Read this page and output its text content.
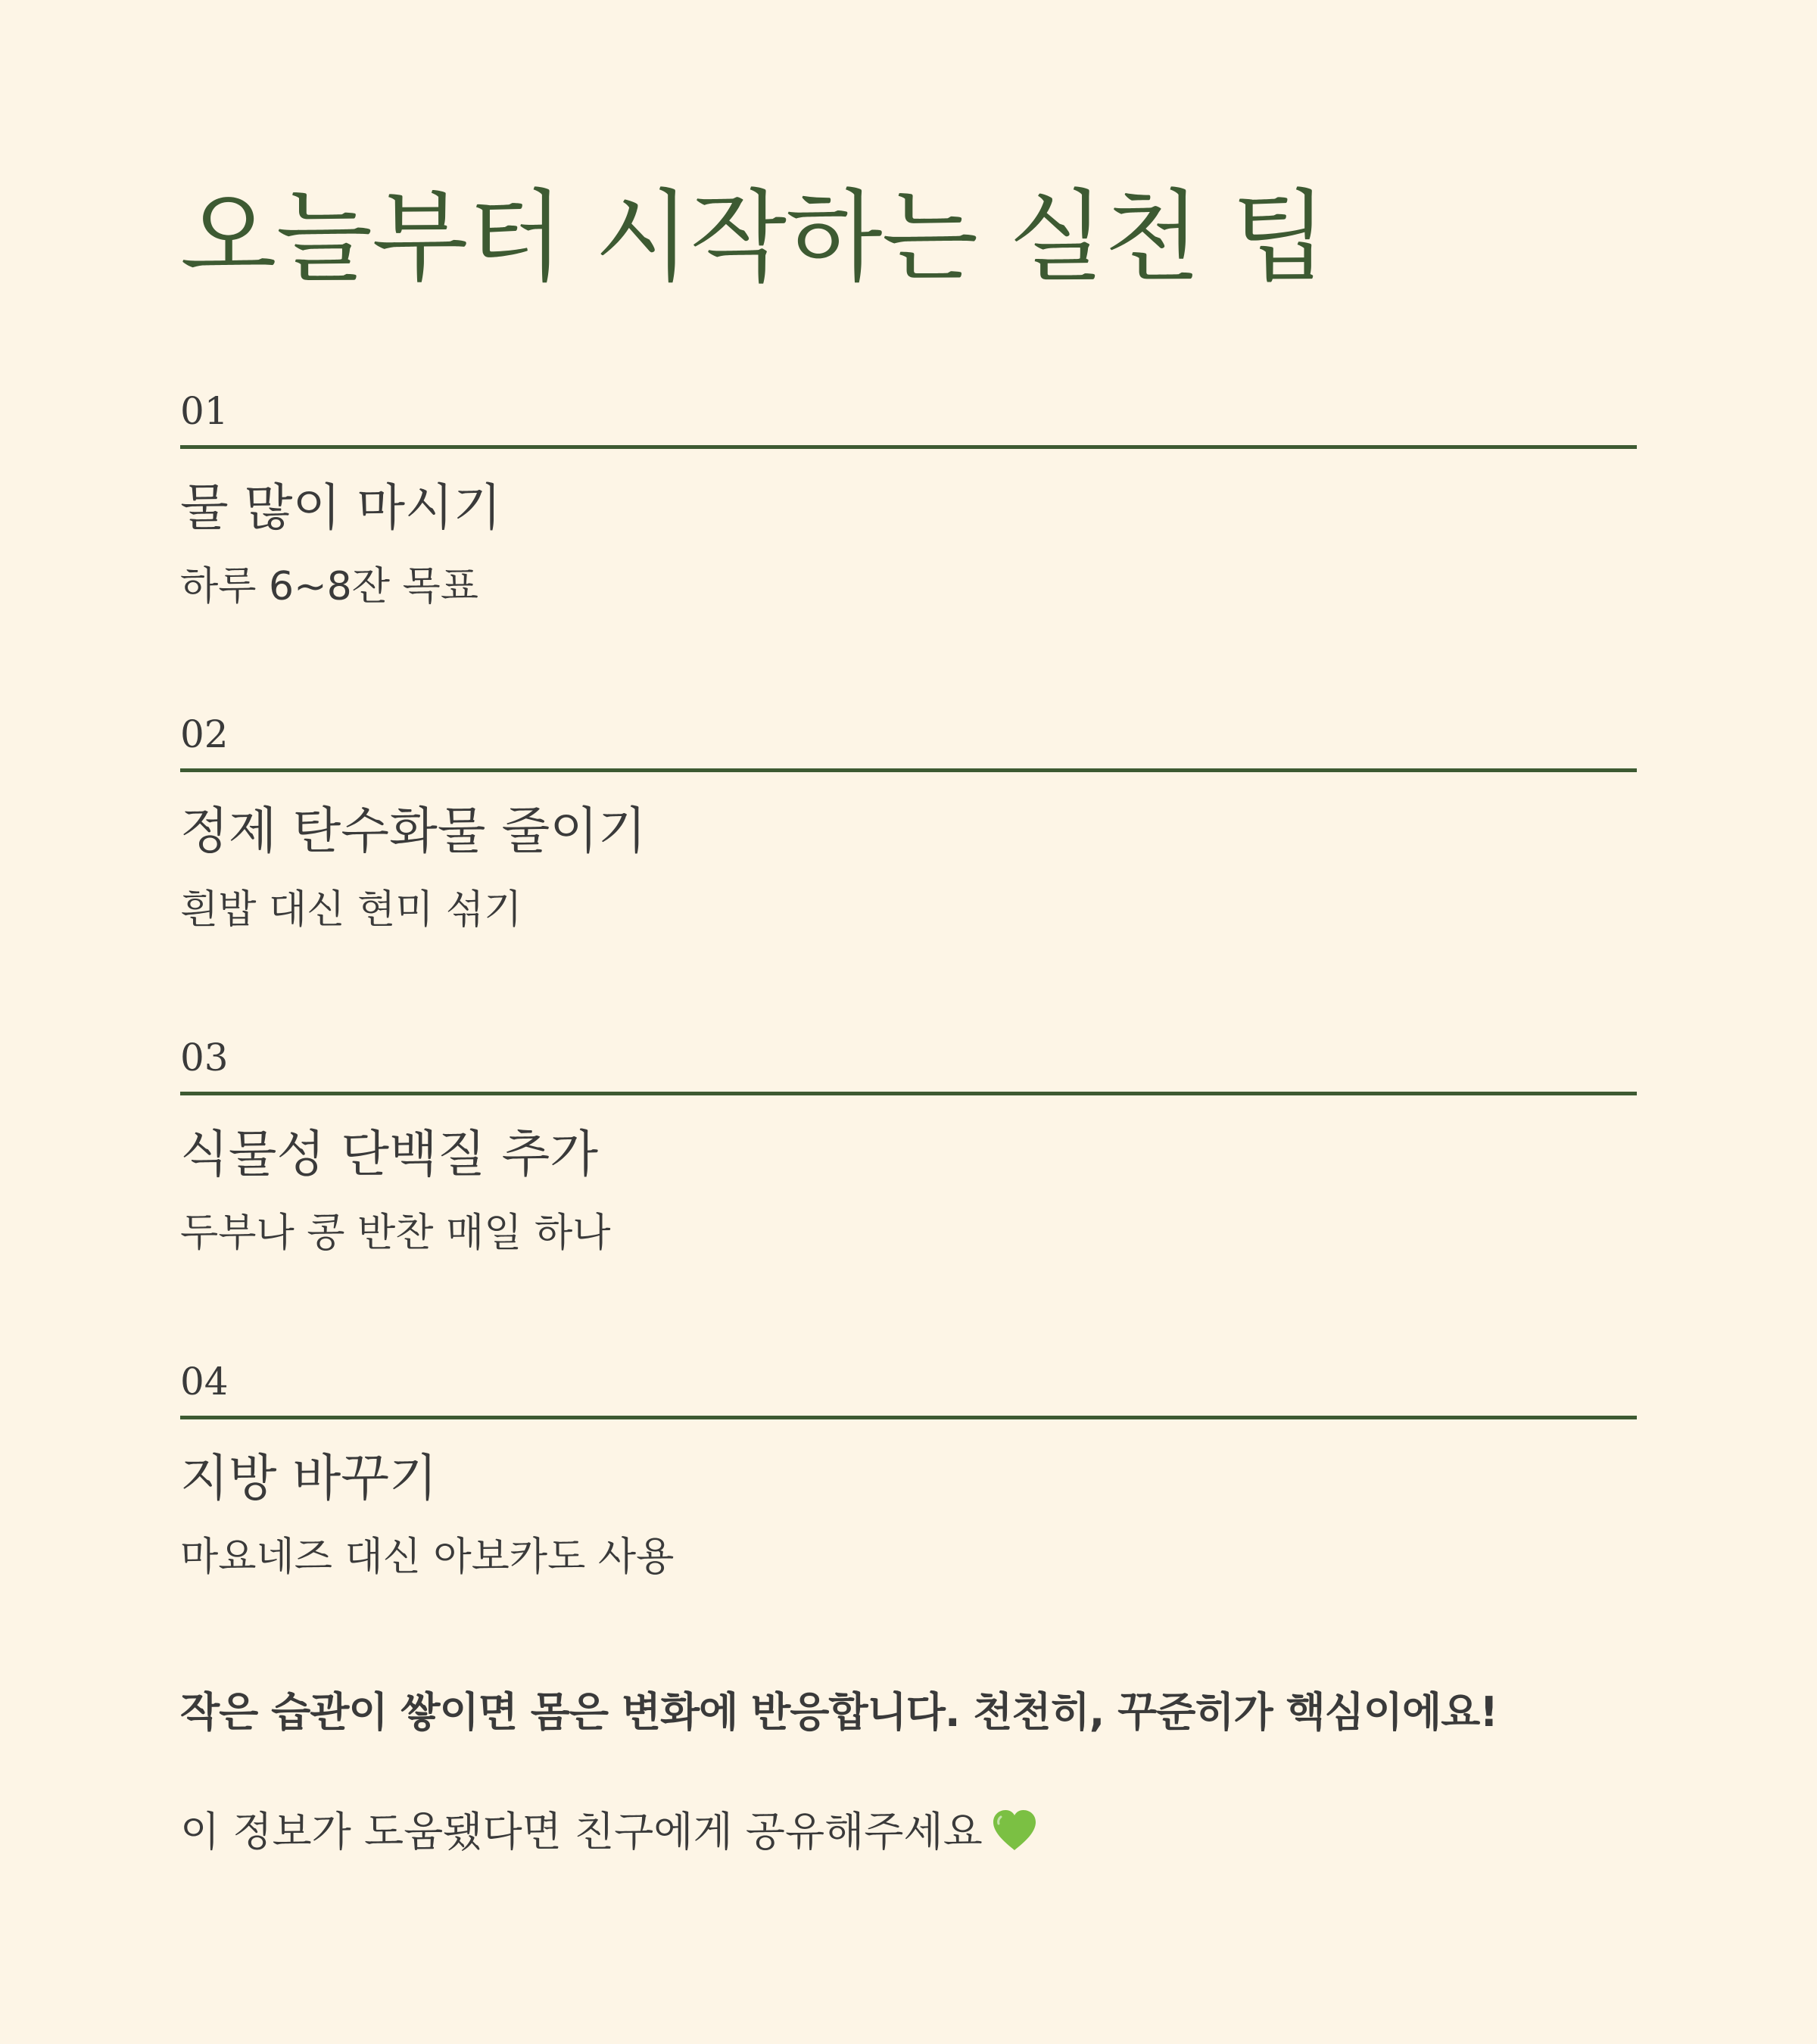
오늘부터 시작하는 실천 팁
01
물 많이 마시기
하루 6~8잔 목표
02
정제 탄수화물 줄이기
흰밥 대신 현미 섞기
03
식물성 단백질 추가
두부나 콩 반찬 매일 하나
04
지방 바꾸기
마요네즈 대신 아보카도 사용

작은 습관이 쌓이면 몸은 변화에 반응합니다. 천천히, 꾸준히가 핵심이에요!

이 정보가 도움됐다면 친구에게 공유해주세요
